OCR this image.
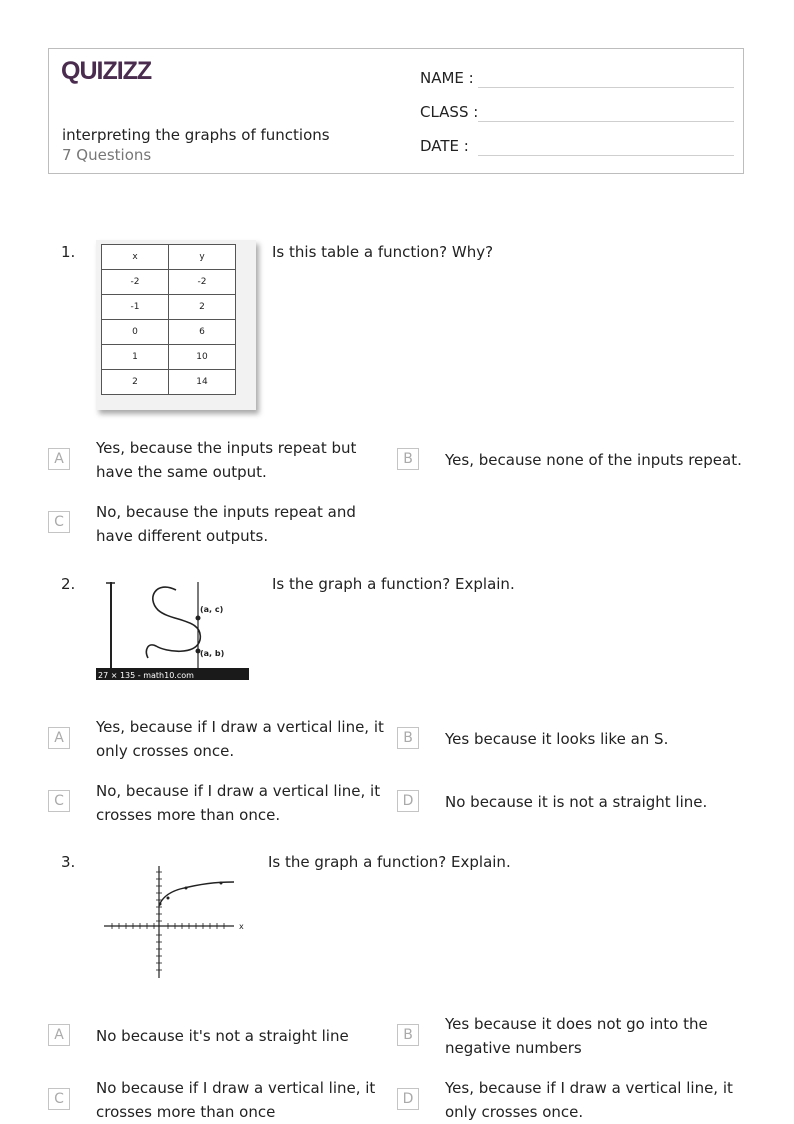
QUIZIZZ
interpreting the graphs of functions
7 Questions
NAME :
CLASS :
DATE :
1.	x	y
-2	-2
-1	2
0	6
1	10
2	14
Is this table a function? Why?
A
Yes, because the inputs repeat but have the same output.
B	Yes, because none of the inputs repeat.
C
No, because the inputs repeat and have different outputs.
2.
(a, c)
(a, b)
27 × 135 - math10.com
Is the graph a function? Explain.
A
Yes, because if I draw a vertical line, it only crosses once.
B	Yes because it looks like an S.
C
No, because if I draw a vertical line, it crosses more than once.
D	No because it is not a straight line.
3.
x
Is the graph a function? Explain.
A	No because it's not a straight line	B
Yes because it does not go into the negative numbers
C
No because if I draw a vertical line, it crosses more than once
D
Yes, because if I draw a vertical line, it only crosses once.
